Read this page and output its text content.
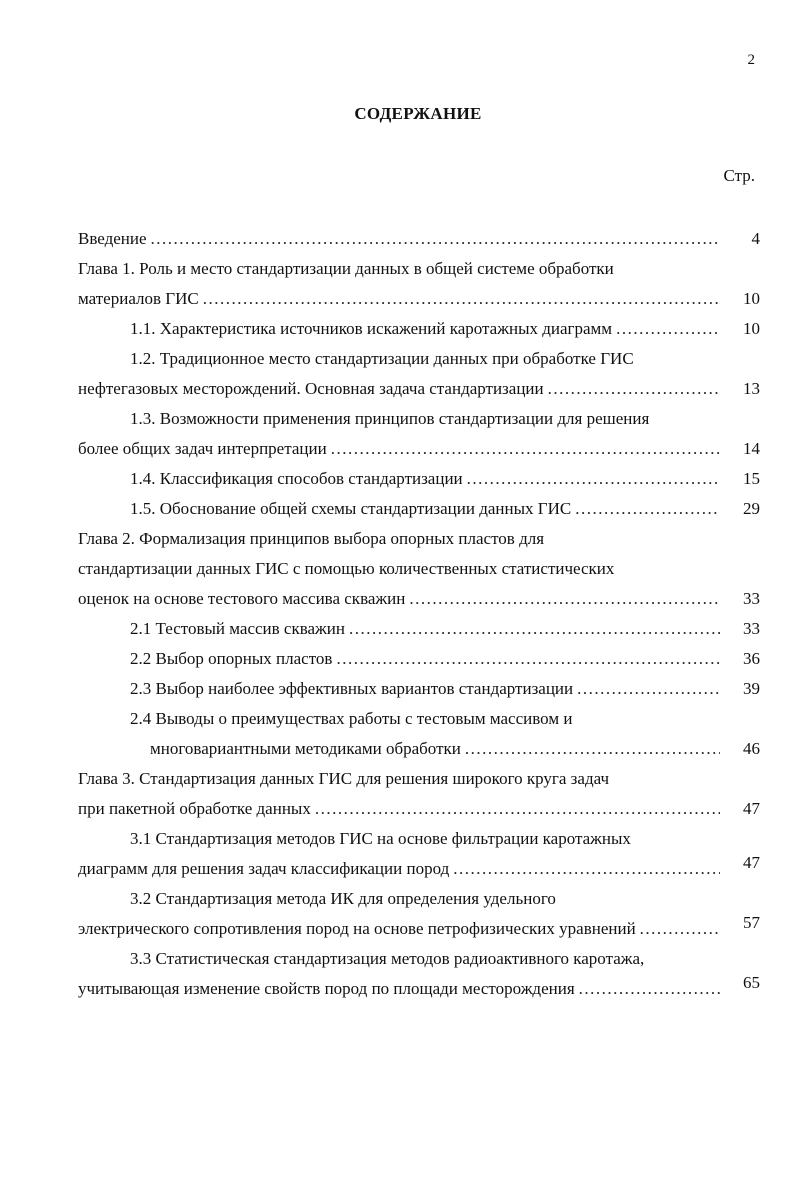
2
СОДЕРЖАНИЕ
Стр.
Введение .....	4
Глава 1. Роль и место стандартизации данных в общей системе обработки
материалов ГИС .....	10
1.1. Характеристика источников искажений каротажных диаграмм .....	10
1.2. Традиционное место стандартизации данных при обработке ГИС
нефтегазовых месторождений. Основная задача стандартизации .....	13
1.3. Возможности применения принципов стандартизации для решения
более общих задач интерпретации .....	14
1.4. Классификация способов стандартизации .....	15
1.5. Обоснование общей схемы стандартизации данных ГИС .....	29
Глава 2. Формализация принципов выбора опорных пластов для
стандартизации данных ГИС с помощью количественных статистических
оценок на основе тестового массива скважин .....	33
2.1 Тестовый массив скважин .....	33
2.2 Выбор опорных пластов .....	36
2.3 Выбор наиболее эффективных вариантов стандартизации .....	39
2.4 Выводы о преимуществах работы с тестовым массивом и
многовариантными методиками обработки .....	46
Глава 3. Стандартизация данных ГИС для решения широкого круга задач
при пакетной обработке данных .....	47
3.1 Стандартизация методов ГИС на основе фильтрации каротажных
диаграмм для решения задач классификации пород .....	47
3.2 Стандартизация метода ИК для определения удельного
электрического сопротивления пород на основе петрофизических уравнений .....	57
3.3 Статистическая стандартизация методов радиоактивного каротажа,
учитывающая изменение свойств пород по площади месторождения .....	65
